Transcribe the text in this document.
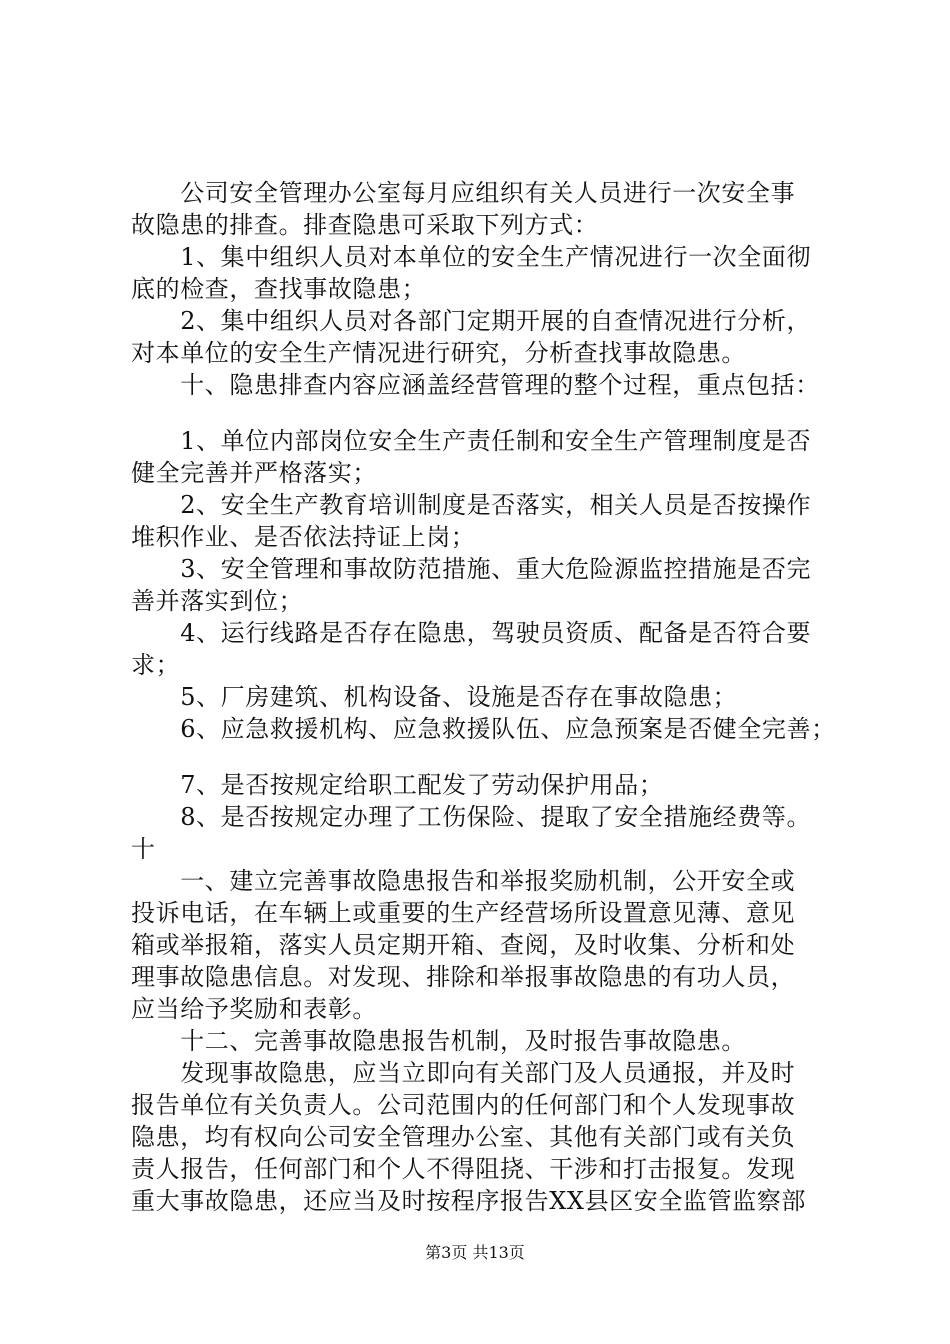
　　公司安全管理办公室每月应组织有关人员进行一次安全事
故隐患的排查。排查隐患可采取下列方式：
　　1、集中组织人员对本单位的安全生产情况进行一次全面彻
底的检查，查找事故隐患；
　　2、集中组织人员对各部门定期开展的自查情况进行分析，
对本单位的安全生产情况进行研究，分析查找事故隐患。
　　十、隐患排查内容应涵盖经营管理的整个过程，重点包括：
　　1、单位内部岗位安全生产责任制和安全生产管理制度是否
健全完善并严格落实；
　　2、安全生产教育培训制度是否落实，相关人员是否按操作
堆积作业、是否依法持证上岗；
　　3、安全管理和事故防范措施、重大危险源监控措施是否完
善并落实到位；
　　4、运行线路是否存在隐患，驾驶员资质、配备是否符合要
求；
　　5、厂房建筑、机构设备、设施是否存在事故隐患；
　　6、应急救援机构、应急救援队伍、应急预案是否健全完善；
　　7、是否按规定给职工配发了劳动保护用品；
　　8、是否按规定办理了工伤保险、提取了安全措施经费等。
十
　　一、建立完善事故隐患报告和举报奖励机制，公开安全或
投诉电话，在车辆上或重要的生产经营场所设置意见薄、意见
箱或举报箱，落实人员定期开箱、查阅，及时收集、分析和处
理事故隐患信息。对发现、排除和举报事故隐患的有功人员，
应当给予奖励和表彰。
　　十二、完善事故隐患报告机制，及时报告事故隐患。
　　发现事故隐患，应当立即向有关部门及人员通报，并及时
报告单位有关负责人。公司范围内的任何部门和个人发现事故
隐患，均有权向公司安全管理办公室、其他有关部门或有关负
责人报告，任何部门和个人不得阻挠、干涉和打击报复。发现
重大事故隐患，还应当及时按程序报告XX县区安全监管监察部
第3页 共13页
